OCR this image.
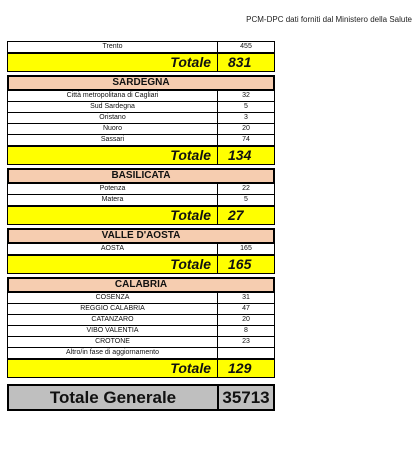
PCM-DPC dati forniti dal Ministero della Salute
Trento	455
Totale	831
SARDEGNA
Città metropolitana di Cagliari	32
Sud Sardegna	5
Oristano	3
Nuoro	20
Sassari	74
Totale	134
BASILICATA
Potenza	22
Matera	5
Totale	27
VALLE D'AOSTA
AOSTA	165
Totale	165
CALABRIA
COSENZA	31
REGGIO CALABRIA	47
CATANZARO	20
VIBO VALENTIA	8
CROTONE	23
Altro/in fase di aggiornamento
Totale	129
Totale Generale	35713
